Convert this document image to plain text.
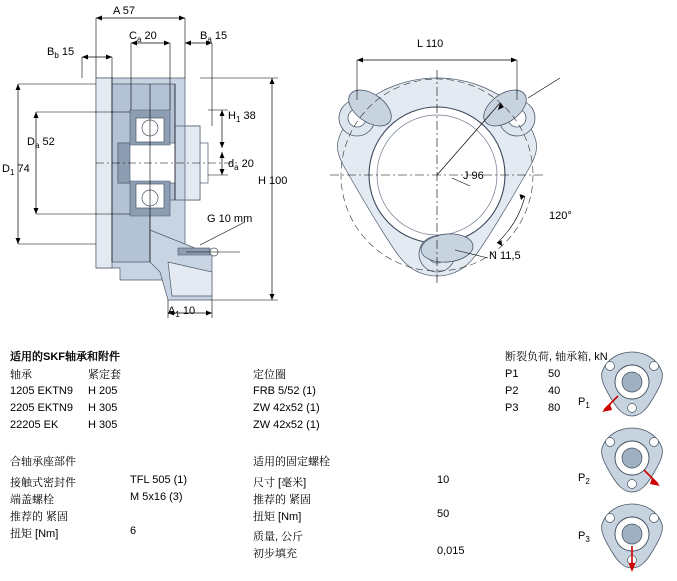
A 57
$C_a$ 20	$B_a$ 15
$B_b$ 15
$D_a$ 52
$D_1$ 74
$H_1$ 38
$d_a$ 20
H 100
G 10 mm
$A_1$ 10
L 110
J 96
N 11,5
120°
适用的SKF轴承和附件
轴承	紧定套	定位圈
1205 EKTN9 H 205	FRB 5/52 (1)
2205 EKTN9 H 305	ZW 42x52 (1)
22205 EK	H 305	ZW 42x52 (1)
合轴承座部件
接触式密封件	TFL 505 (1)
端盖螺栓	M 5x16 (3)
推荐的 紧固
扭矩 [Nm]	6
适用的固定螺栓
尺寸 [毫米]	10
推荐的 紧固
扭矩 [Nm]	50
质量, 公斤
初步填充	0,015
断裂负荷, 轴承箱, kN
P1	50
P2	40
P3	80 $P_1$
$P_2$
$P_3$
